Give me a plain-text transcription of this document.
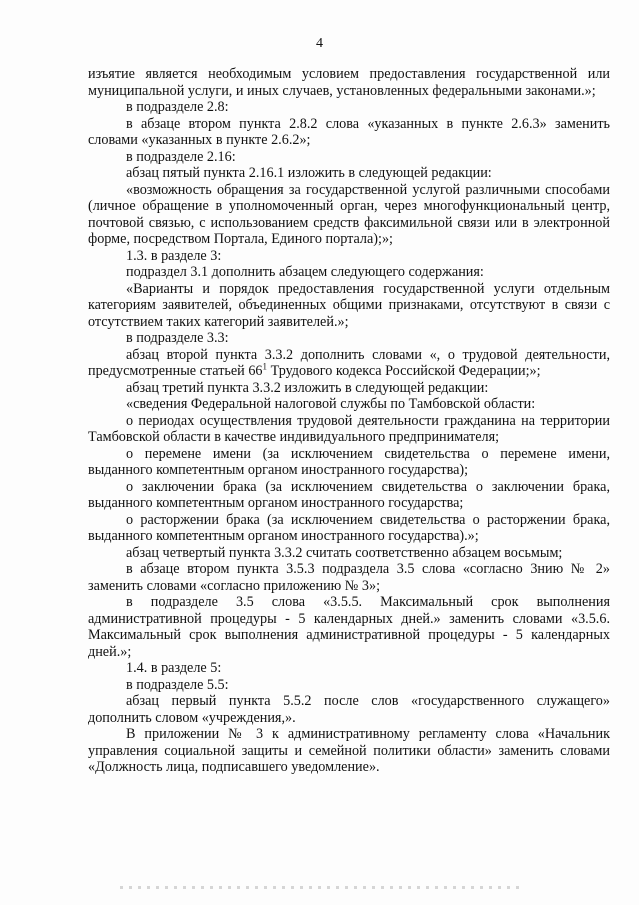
4

изъятие является необходимым условием предоставления государственной или муниципальной услуги, и иных случаев, установленных федеральными законами.»;

в подразделе 2.8:

в абзаце втором пункта 2.8.2 слова «указанных в пункте 2.6.3» заменить словами «указанных в пункте 2.6.2»;

в подразделе 2.16:

абзац пятый пункта 2.16.1 изложить в следующей редакции:

«возможность обращения за государственной услугой различными способами (личное обращение в уполномоченный орган, через многофункциональный центр, почтовой связью, с использованием средств факсимильной связи или в электронной форме, посредством Портала, Единого портала);»;

1.3. в разделе 3:

подраздел 3.1 дополнить абзацем следующего содержания:

«Варианты и порядок предоставления государственной услуги отдельным категориям заявителей, объединенных общими признаками, отсутствуют в связи с отсутствием таких категорий заявителей.»;

в подразделе 3.3:

абзац второй пункта 3.3.2 дополнить словами «, о трудовой деятельности, предусмотренные статьей $66^1$ Трудового кодекса Российской Федерации;»;

абзац третий пункта 3.3.2 изложить в следующей редакции:

«сведения Федеральной налоговой службы по Тамбовской области:

о периодах осуществления трудовой деятельности гражданина на территории Тамбовской области в качестве индивидуального предпринимателя;

о перемене имени (за исключением свидетельства о перемене имени, выданного компетентным органом иностранного государства);

о заключении брака (за исключением свидетельства о заключении брака, выданного компетентным органом иностранного государства;

о расторжении брака (за исключением свидетельства о расторжении брака, выданного компетентным органом иностранного государства).»;

абзац четвертый пункта 3.3.2 считать соответственно абзацем восьмым;

в абзаце втором пункта 3.5.3 подраздела 3.5 слова «согласно 3нию № 2» заменить словами «согласно приложению № 3»;

в подразделе 3.5 слова «3.5.5. Максимальный срок выполнения административной процедуры - 5 календарных дней.» заменить словами «3.5.6. Максимальный срок выполнения административной процедуры - 5 календарных дней.»;

1.4. в разделе 5:

в подразделе 5.5:

абзац первый пункта 5.5.2 после слов «государственного служащего» дополнить словом «учреждения,».

В приложении № 3 к административному регламенту слова «Начальник управления социальной защиты и семейной политики области» заменить словами «Должность лица, подписавшего уведомление».
